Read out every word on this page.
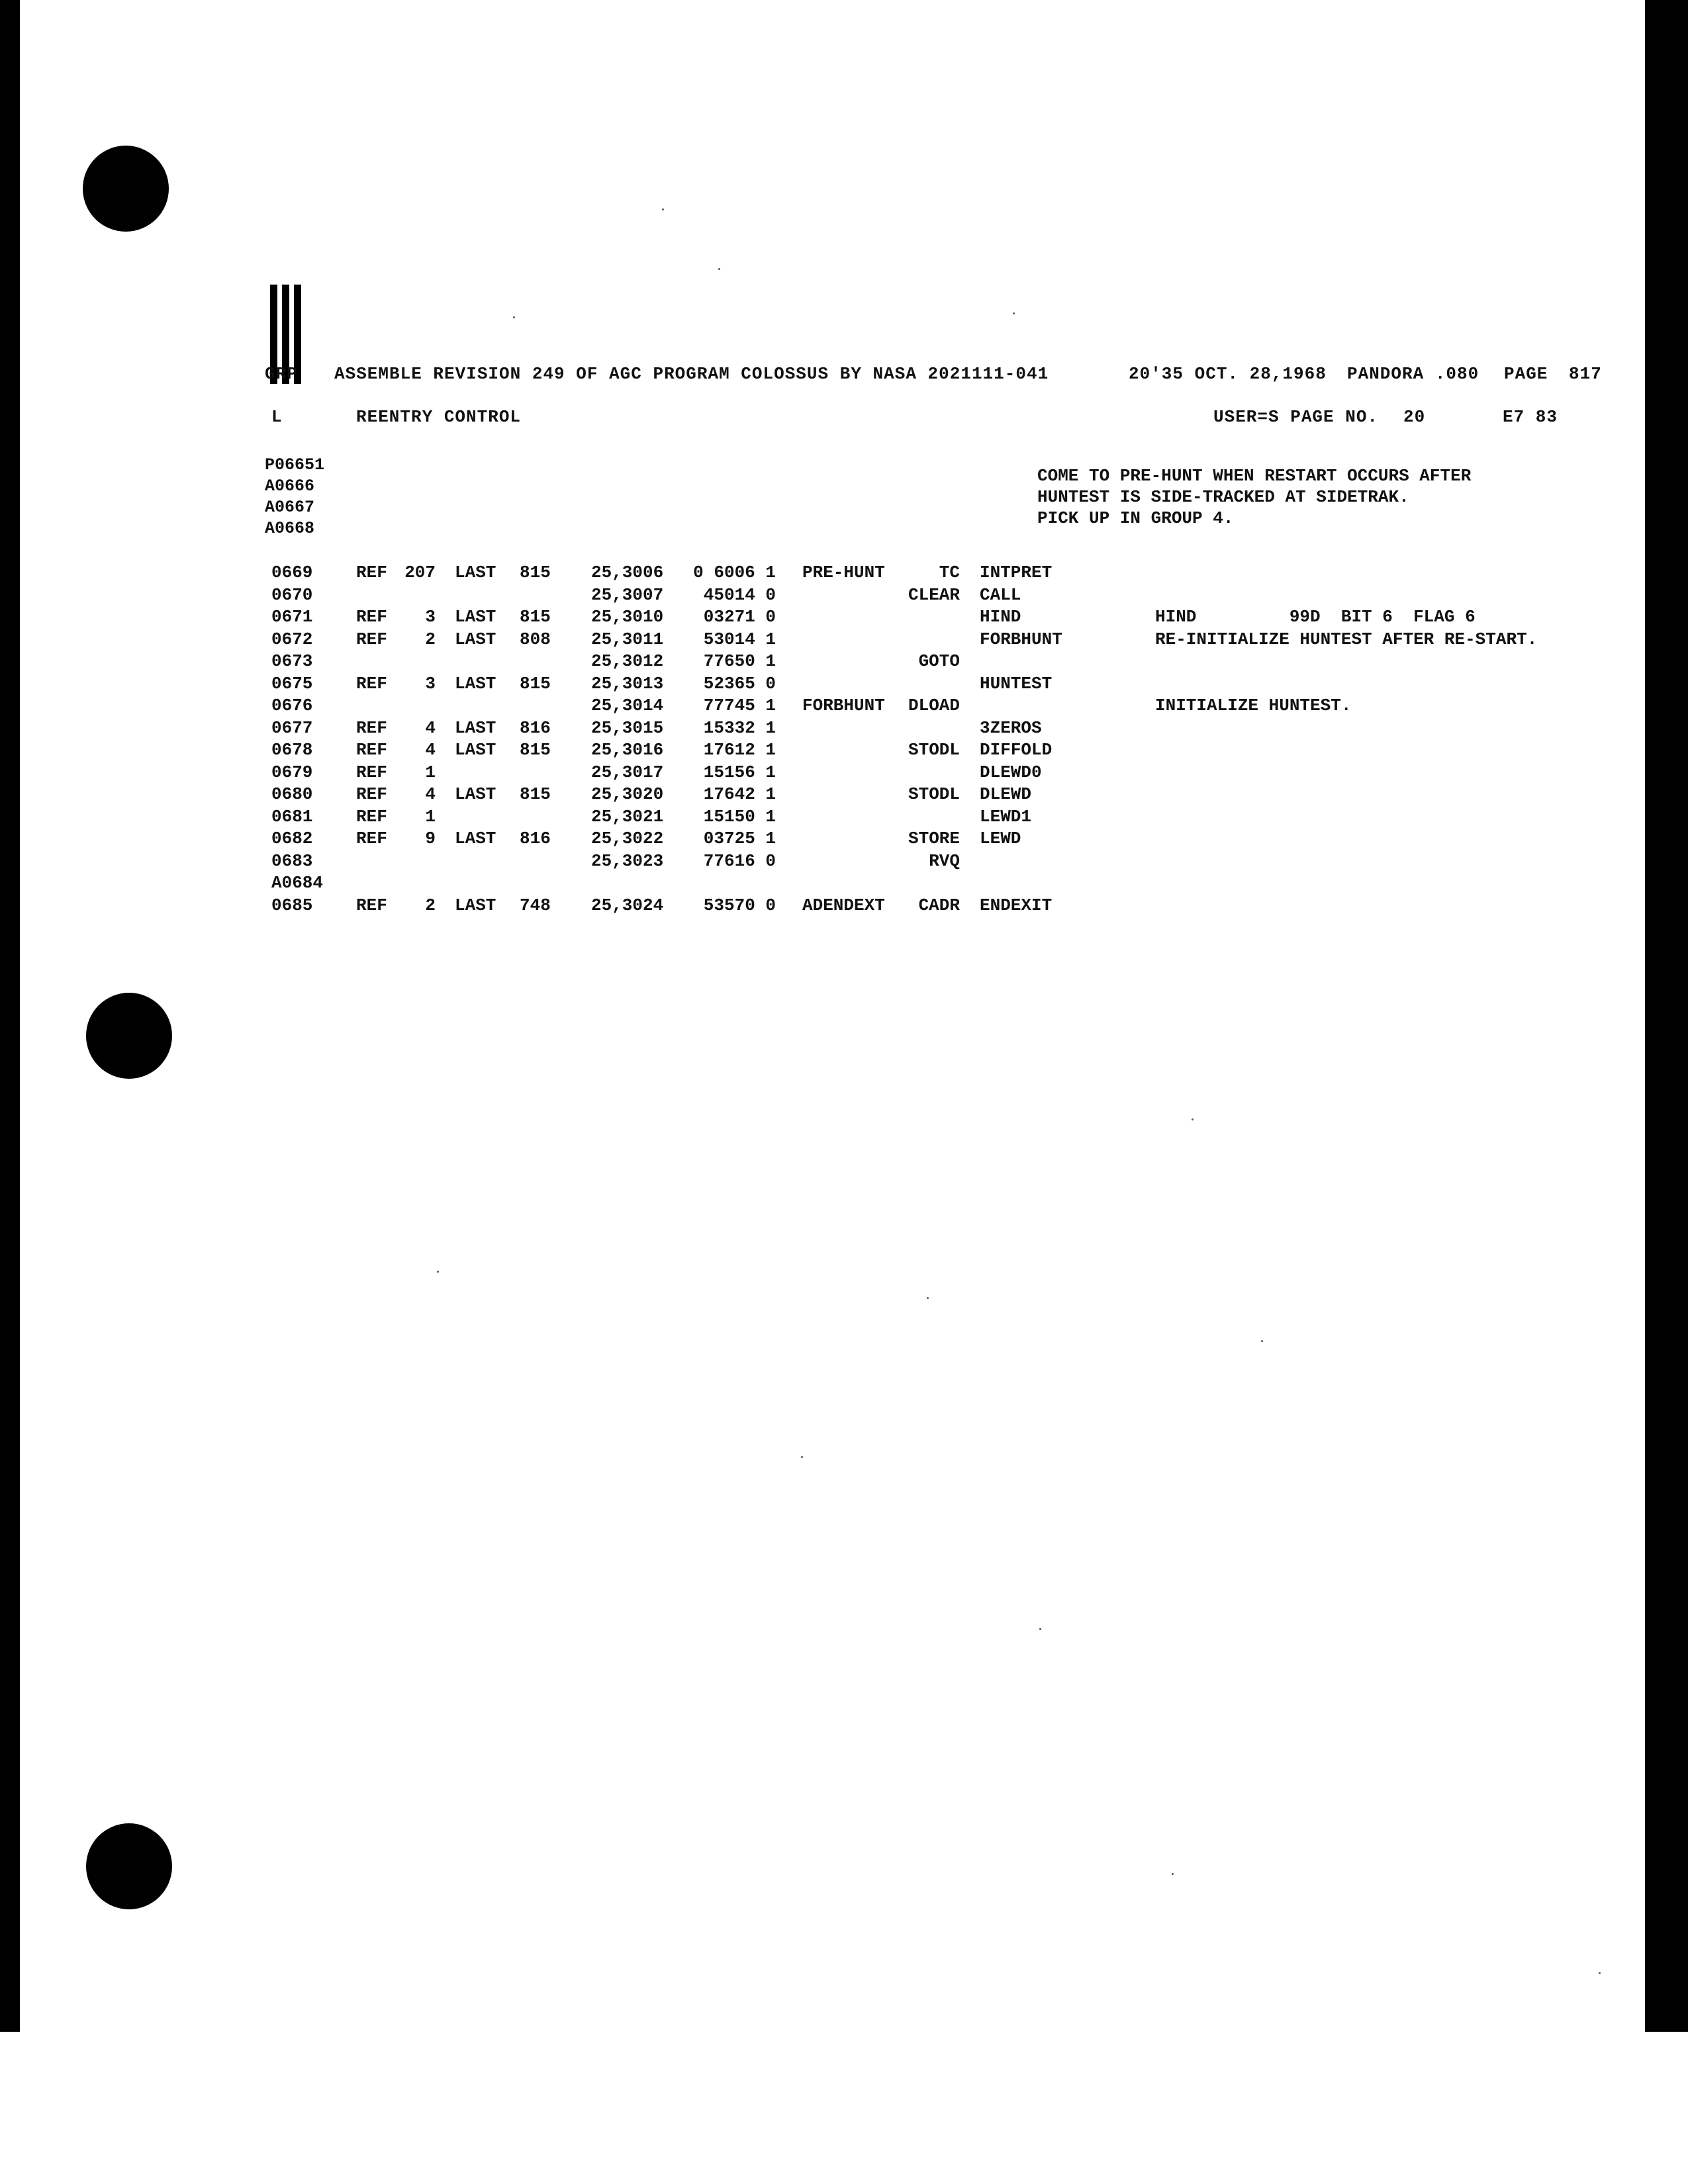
GRP ASSEMBLE REVISION 249 OF AGC PROGRAM COLOSSUS BY NASA 2021111-041	20'35 OCT. 28,1968 PANDORA .080 PAGE 817
L	REENTRY CONTROL	USER=S PAGE NO. 20	E7 83
P06651
A0666
COME TO PRE-HUNT WHEN RESTART OCCURS AFTER
A0667
HUNTEST IS SIDE-TRACKED AT SIDETRAK.
A0668
PICK UP IN GROUP 4.
0669	REF	207 LAST 815 25,3006	0 6006 1 PRE-HUNT	TC INTPRET
0670	25,3007	45014 0	CLEAR CALL
0671	REF	3 LAST 815 25,3010	03271 0	HIND	HIND         99D  BIT 6  FLAG 6
0672	REF	2 LAST 808 25,3011	53014 1	FORBHUNT	RE-INITIALIZE HUNTEST AFTER RE-START.
0673	25,3012	77650 1	GOTO
0675	REF	3 LAST 815 25,3013	52365 0	HUNTEST
0676	25,3014	77745 1 FORBHUNT	DLOAD	INITIALIZE HUNTEST.
0677	REF	4 LAST 816 25,3015	15332 1	3ZEROS
0678	REF	4 LAST 815 25,3016	17612 1	STODL DIFFOLD
0679	REF	1	25,3017	15156 1	DLEWD0
0680	REF	4 LAST 815 25,3020	17642 1	STODL DLEWD
0681	REF	1	25,3021	15150 1	LEWD1
0682	REF	9 LAST 816 25,3022	03725 1	STORE LEWD
0683	25,3023	77616 0	RVQ
A0684
0685	REF	2 LAST 748 25,3024	53570 0 ADENDEXT	CADR ENDEXIT
